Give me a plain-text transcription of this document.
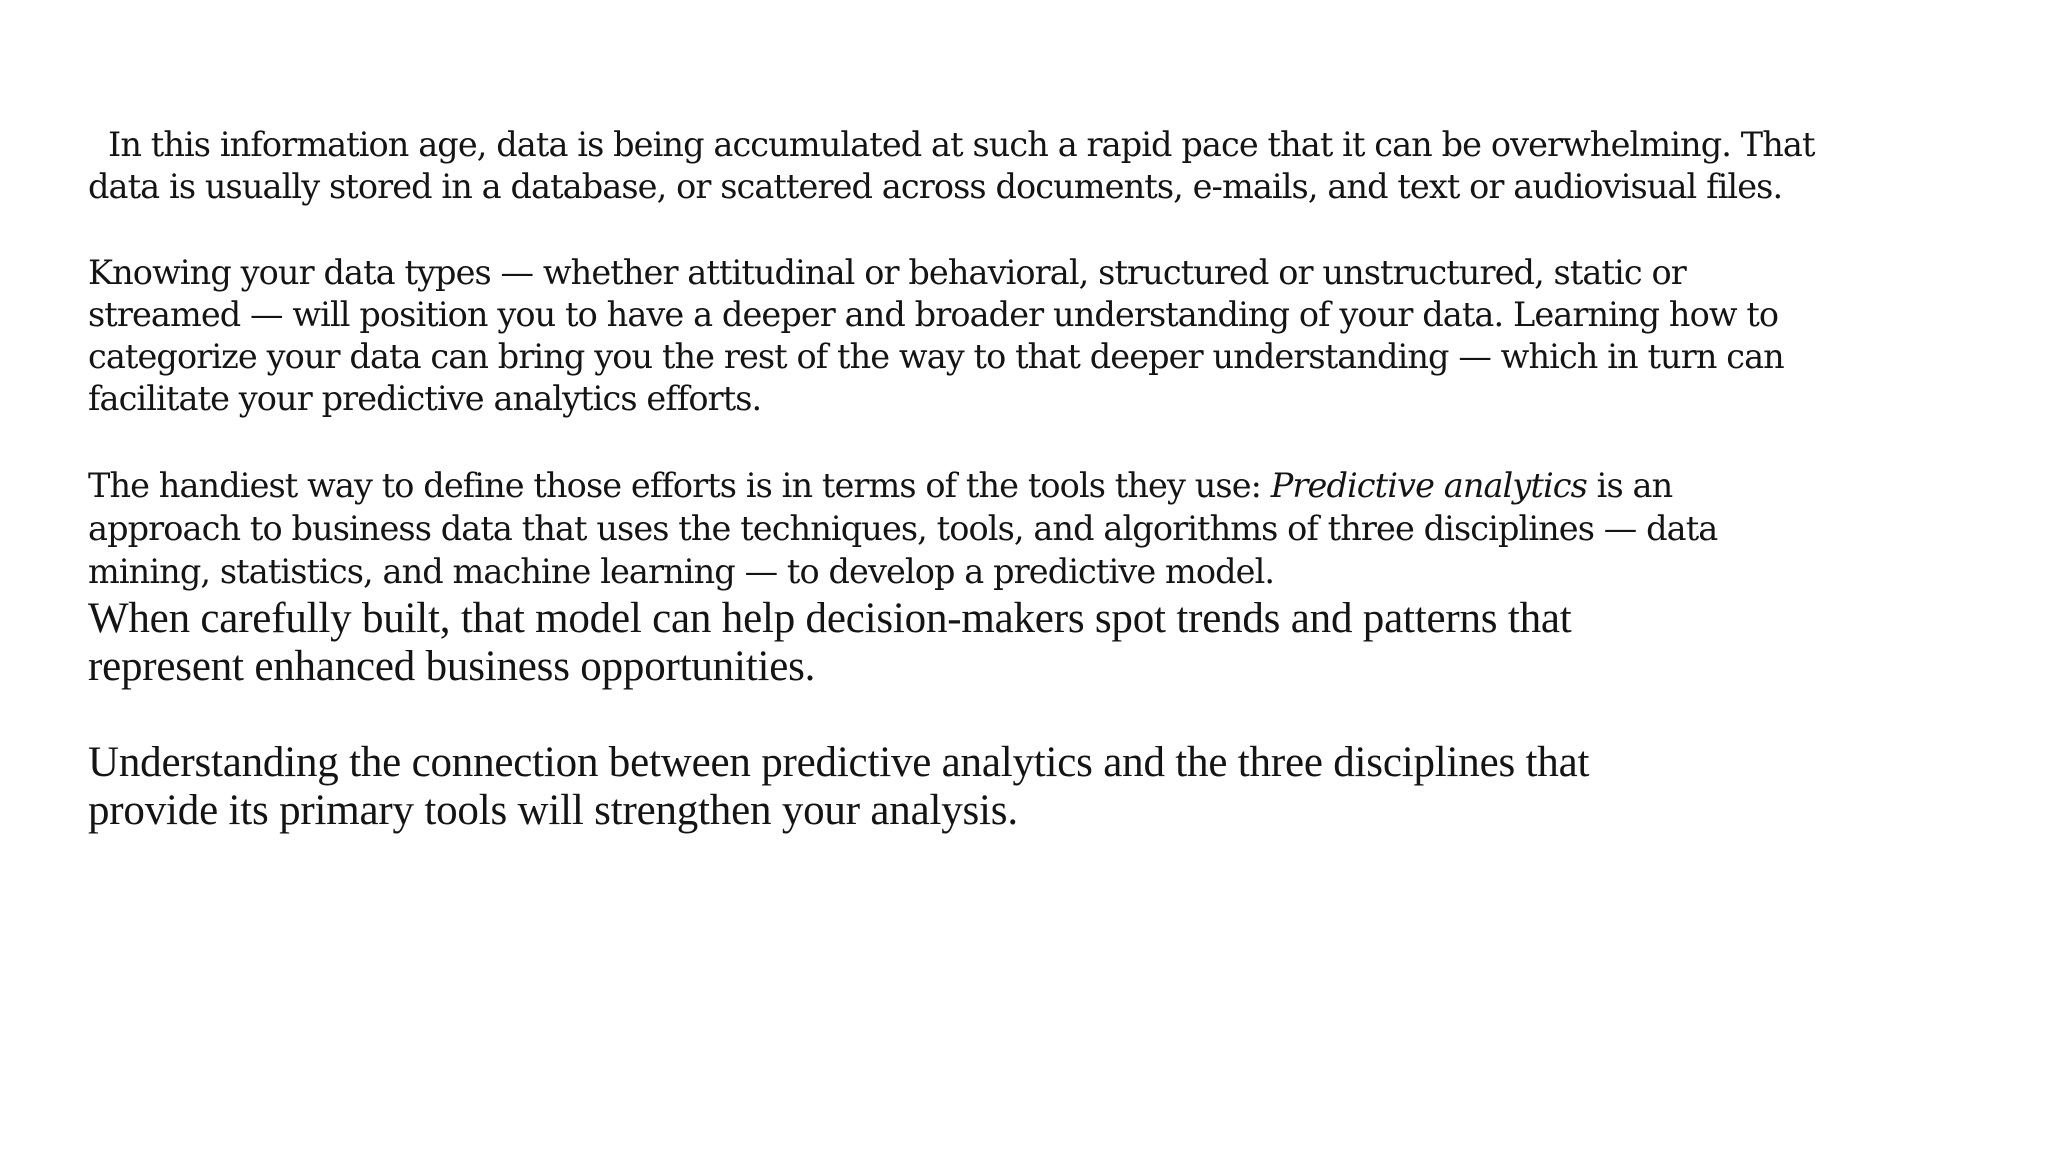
In this information age, data is being accumulated at such a rapid pace that it can be overwhelming. That
data is usually stored in a database, or scattered across documents, e-mails, and text or audiovisual files.

Knowing your data types — whether attitudinal or behavioral, structured or unstructured, static or
streamed — will position you to have a deeper and broader understanding of your data. Learning how to
categorize your data can bring you the rest of the way to that deeper understanding — which in turn can
facilitate your predictive analytics efforts.

The handiest way to define those efforts is in terms of the tools they use: Predictive analytics is an
approach to business data that uses the techniques, tools, and algorithms of three disciplines — data
mining, statistics, and machine learning — to develop a predictive model.

When carefully built, that model can help decision-makers spot trends and patterns that
represent enhanced business opportunities.

Understanding the connection between predictive analytics and the three disciplines that
provide its primary tools will strengthen your analysis.
